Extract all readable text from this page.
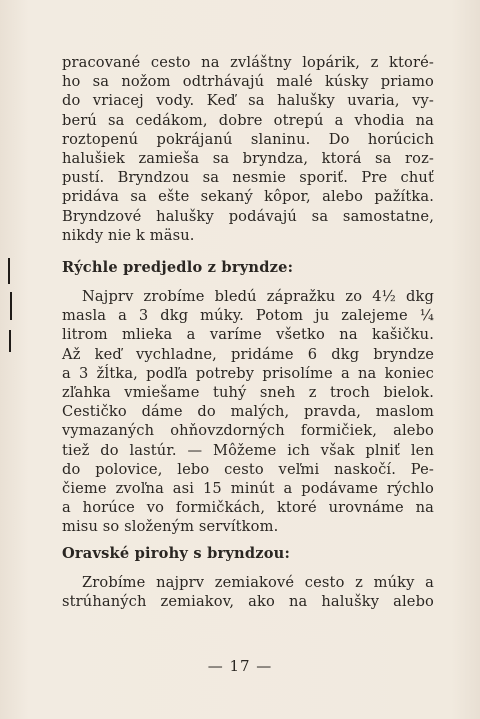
pracované cesto na zvláštny lopárik, z ktoré-
ho sa nožom odtrhávajú malé kúsky priamo
do vriacej vody. Keď sa halušky uvaria, vy-
berú sa cedákom, dobre otrepú a vhodia na
roztopenú pokrájanú slaninu. Do horúcich
halušiek zamieša sa bryndza, ktorá sa roz-
pustí. Bryndzou sa nesmie sporiť. Pre chuť
pridáva sa ešte sekaný kôpor, alebo pažítka.
Bryndzové halušky podávajú sa samostatne,
nikdy nie k mäsu.
Rýchle predjedlo z bryndze:
Najprv zrobíme bledú zápražku zo 4½ dkg
masla a 3 dkg múky. Potom ju zalejeme ¼
litrom mlieka a varíme všetko na kašičku.
Až keď vychladne, pridáme 6 dkg bryndze
a 3 žĺtka, podľa potreby prisolíme a na koniec
zľahka vmiešame tuhý sneh z troch bielok.
Cestičko dáme do malých, pravda, maslom
vymazaných ohňovzdorných formičiek, alebo
tiež do lastúr. — Môžeme ich však plniť len
do polovice, lebo cesto veľmi naskočí. Pe-
čieme zvoľna asi 15 minút a podávame rýchlo
a horúce vo formičkách, ktoré urovnáme na
misu so složeným servítkom.
Oravské pirohy s bryndzou:
Zrobíme najprv zemiakové cesto z múky a
strúhaných zemiakov, ako na halušky alebo
— 17 —
